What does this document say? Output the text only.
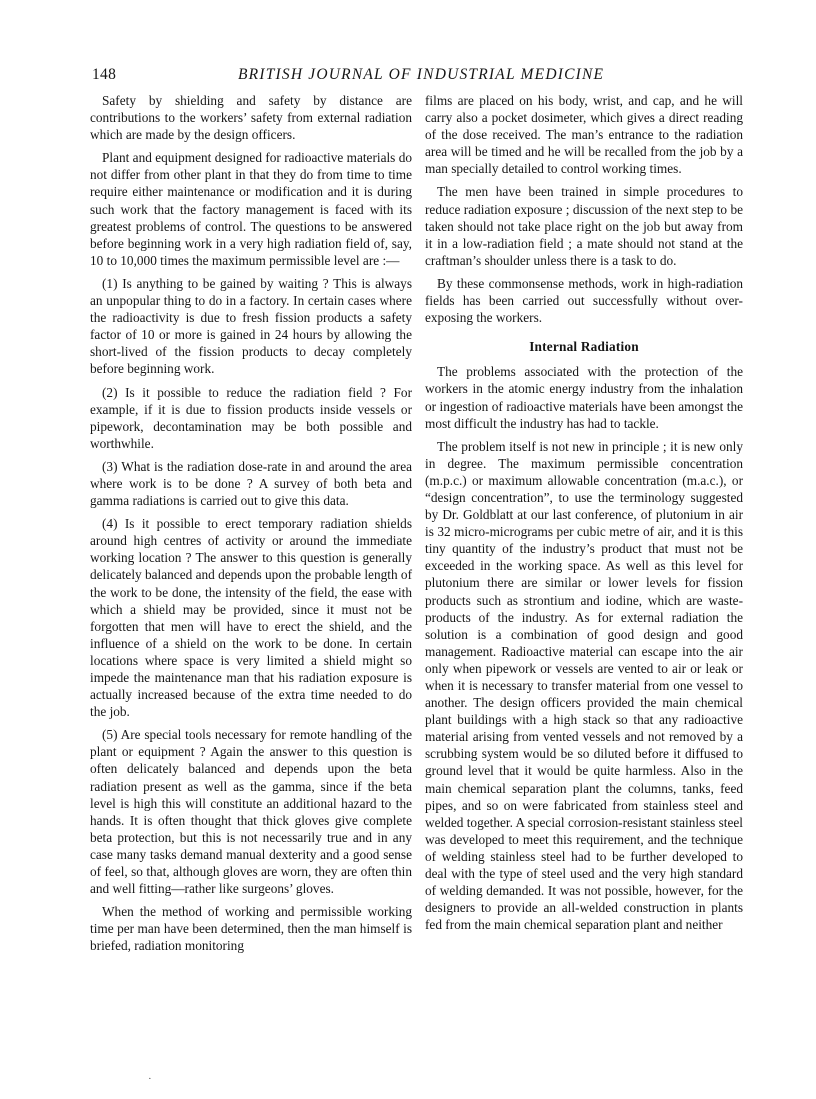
148	BRITISH JOURNAL OF INDUSTRIAL MEDICINE

Safety by shielding and safety by distance are contributions to the workers’ safety from external radiation which are made by the design officers.

Plant and equipment designed for radioactive materials do not differ from other plant in that they do from time to time require either maintenance or modification and it is during such work that the factory management is faced with its greatest problems of control. The questions to be answered before beginning work in a very high radiation field of, say, 10 to 10,000 times the maximum permissible level are :—

(1) Is anything to be gained by waiting ? This is always an unpopular thing to do in a factory. In certain cases where the radioactivity is due to fresh fission products a safety factor of 10 or more is gained in 24 hours by allowing the short-lived of the fission products to decay completely before beginning work.

(2) Is it possible to reduce the radiation field ? For example, if it is due to fission products inside vessels or pipework, decontamination may be both possible and worthwhile.

(3) What is the radiation dose-rate in and around the area where work is to be done ? A survey of both beta and gamma radiations is carried out to give this data.

(4) Is it possible to erect temporary radiation shields around high centres of activity or around the immediate working location ? The answer to this question is generally delicately balanced and depends upon the probable length of the work to be done, the intensity of the field, the ease with which a shield may be provided, since it must not be forgotten that men will have to erect the shield, and the influence of a shield on the work to be done. In certain locations where space is very limited a shield might so impede the maintenance man that his radiation exposure is actually increased because of the extra time needed to do the job.

(5) Are special tools necessary for remote handling of the plant or equipment ? Again the answer to this question is often delicately balanced and depends upon the beta radiation present as well as the gamma, since if the beta level is high this will constitute an additional hazard to the hands. It is often thought that thick gloves give complete beta protection, but this is not necessarily true and in any case many tasks demand manual dexterity and a good sense of feel, so that, although gloves are worn, they are often thin and well fitting—rather like surgeons’ gloves.

When the method of working and permissible working time per man have been determined, then the man himself is briefed, radiation monitoring

films are placed on his body, wrist, and cap, and he will carry also a pocket dosimeter, which gives a direct reading of the dose received. The man’s entrance to the radiation area will be timed and he will be recalled from the job by a man specially detailed to control working times.

The men have been trained in simple procedures to reduce radiation exposure ; discussion of the next step to be taken should not take place right on the job but away from it in a low-radiation field ; a mate should not stand at the craftman’s shoulder unless there is a task to do.

By these commonsense methods, work in high-radiation fields has been carried out successfully without over-exposing the workers.

Internal Radiation

The problems associated with the protection of the workers in the atomic energy industry from the inhalation or ingestion of radioactive materials have been amongst the most difficult the industry has had to tackle.

The problem itself is not new in principle ; it is new only in degree. The maximum permissible concentration (m.p.c.) or maximum allowable concentration (m.a.c.), or “design concentration”, to use the terminology suggested by Dr. Goldblatt at our last conference, of plutonium in air is 32 micro-micrograms per cubic metre of air, and it is this tiny quantity of the industry’s product that must not be exceeded in the working space. As well as this level for plutonium there are similar or lower levels for fission products such as strontium and iodine, which are waste-products of the industry. As for external radiation the solution is a combination of good design and good management. Radioactive material can escape into the air only when pipework or vessels are vented to air or leak or when it is necessary to transfer material from one vessel to another. The design officers provided the main chemical plant buildings with a high stack so that any radioactive material arising from vented vessels and not removed by a scrubbing system would be so diluted before it diffused to ground level that it would be quite harmless. Also in the main chemical separation plant the columns, tanks, feed pipes, and so on were fabricated from stainless steel and welded together. A special corrosion-resistant stainless steel was developed to meet this requirement, and the technique of welding stainless steel had to be further developed to deal with the type of steel used and the very high standard of welding demanded. It was not possible, however, for the designers to provide an all-welded construction in plants fed from the main chemical separation plant and neither

·
